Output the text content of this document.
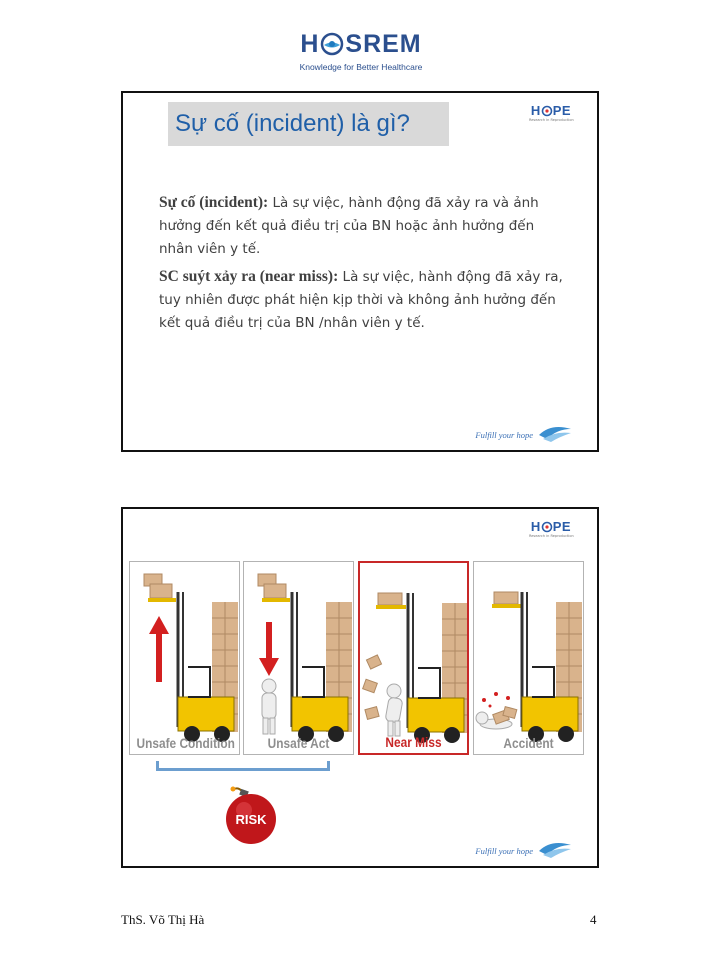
H SREM
Knowledge for Better Healthcare
Sự cố (incident) là gì?	H PE
Research in Reproduction
Sự cố (incident): Là sự việc, hành động đã xảy ra và ảnh hưởng đến kết quả điều trị của BN hoặc ảnh hưởng đến nhân viên y tế.
SC suýt xảy ra (near miss): Là sự việc, hành động đã xảy ra, tuy nhiên được phát hiện kịp thời và không ảnh hưởng đến kết quả điều trị của BN /nhân viên y tế.
Fulfill your hope
H PE
Research in Reproduction
Unsafe Condition	Unsafe Act	Near Miss	Accident
RISK
Fulfill your hope
ThS. Võ Thị Hà	4
